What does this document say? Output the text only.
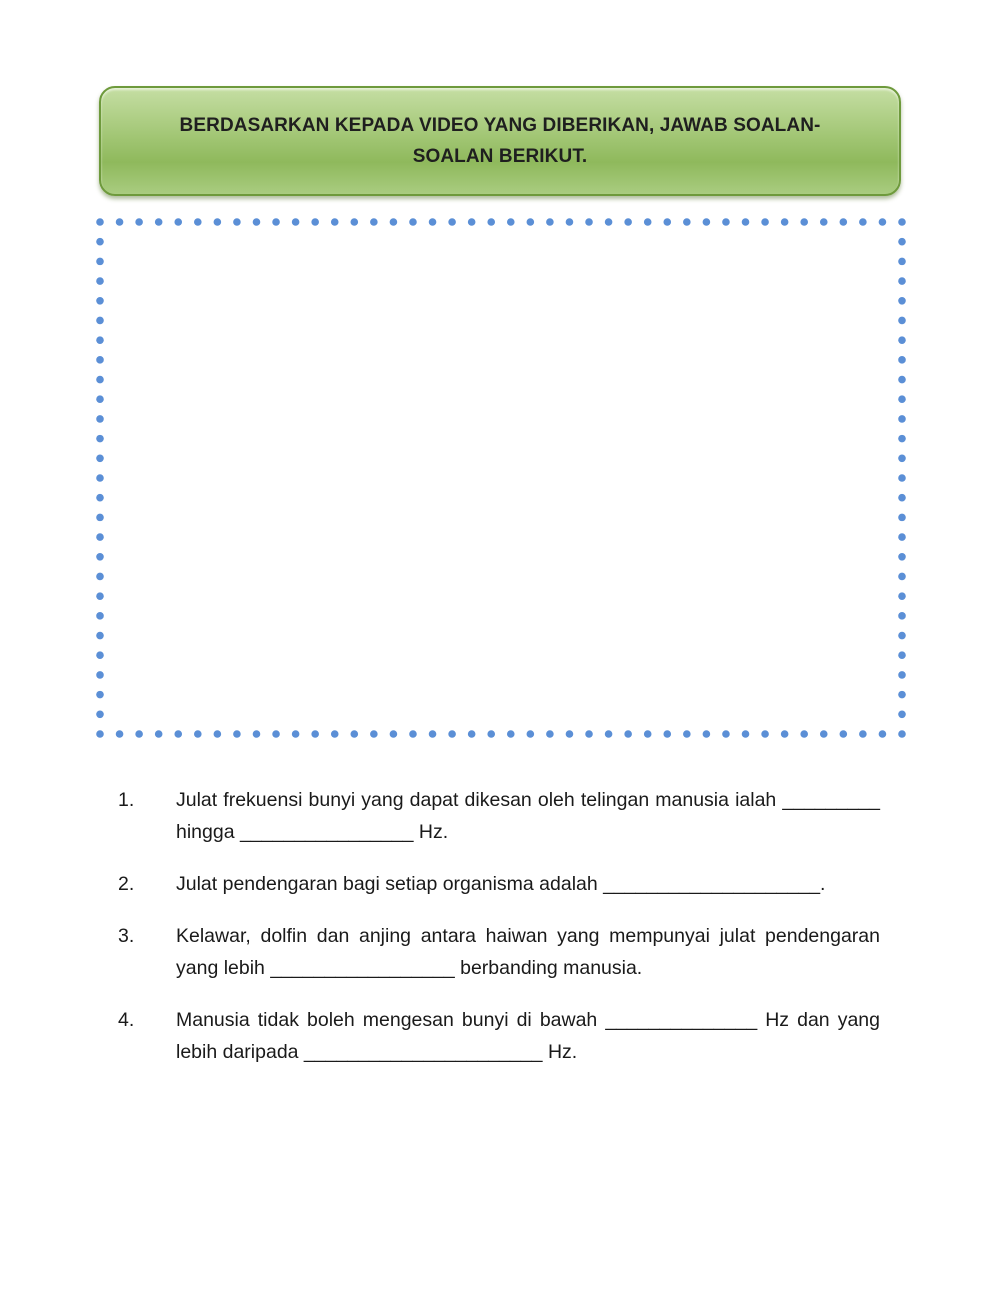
BERDASARKAN KEPADA VIDEO YANG DIBERIKAN, JAWAB SOALAN-SOALAN BERIKUT.
1.	Julat frekuensi bunyi yang dapat dikesan oleh telingan manusia ialah _________ hingga ________________ Hz.
2.	Julat pendengaran bagi setiap organisma adalah ____________________.
3.	Kelawar, dolfin dan anjing antara haiwan yang mempunyai julat pendengaran yang lebih _________________ berbanding manusia.
4.	Manusia tidak boleh mengesan bunyi di bawah ______________ Hz dan yang lebih daripada ______________________ Hz.
